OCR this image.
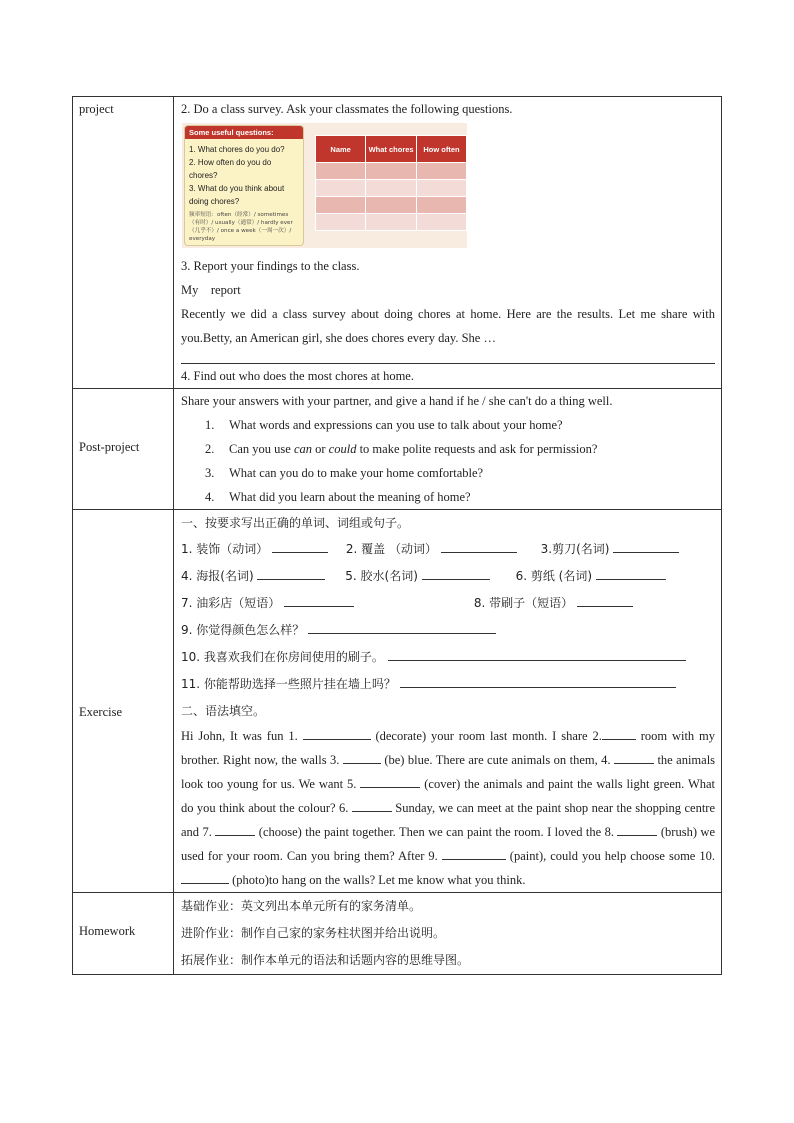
project	2. Do a class survey. Ask your classmates the following questions.
Some useful questions:
1. What chores do you do?
2. How often do you do chores?
3. What do you think about doing chores?
频率短语：often（经常）/ sometimes（有时）/ usually（通常）/ hardly ever（几乎不）/ once a week（一周一次）/ everyday
Name	What chores	How often

3. Report your findings to the class.
My    report
Recently we did a class survey about doing chores at home. Here are the results. Let me share with you.Betty, an American girl, she does chores every day. She …
4. Find out who does the most chores at home.

Post-project

Share your answers with your partner, and give a hand if he / she can't do a thing well.
1. What words and expressions can you use to talk about your home?
2. Can you use can or could to make polite requests and ask for permission?
3. What can you do to make your home comfortable?
4. What did you learn about the meaning of home?

Exercise

一、按要求写出正确的单词、词组或句子。
1. 装饰（动词）	2. 覆盖 （动词）	3.剪刀(名词)
4. 海报(名词)	5. 胶水(名词)	6. 剪纸 (名词)
7. 油彩店（短语）	8. 带刷子（短语）
9. 你觉得颜色怎么样？
10. 我喜欢我们在你房间使用的刷子。
11. 你能帮助选择一些照片挂在墙上吗？
二、语法填空。
Hi John, It was fun 1.	(decorate) your room last month. I share 2.	room with my brother. Right now, the walls 3.	(be) blue. There are cute animals on them, 4.	the animals look too young for us. We want 5.	(cover) the animals and paint the walls light green. What do you think about the colour? 6.	Sunday, we can meet at the paint shop near the shopping centre and 7.	(choose) the paint together. Then we can paint the room. I loved the 8.	(brush) we used for your room. Can you bring them? After 9.	(paint), could you help choose some 10. (photo)to hang on the walls? Let me know what you think.

Homework

基础作业：英文列出本单元所有的家务清单。
进阶作业：制作自己家的家务柱状图并给出说明。
拓展作业：制作本单元的语法和话题内容的思维导图。
